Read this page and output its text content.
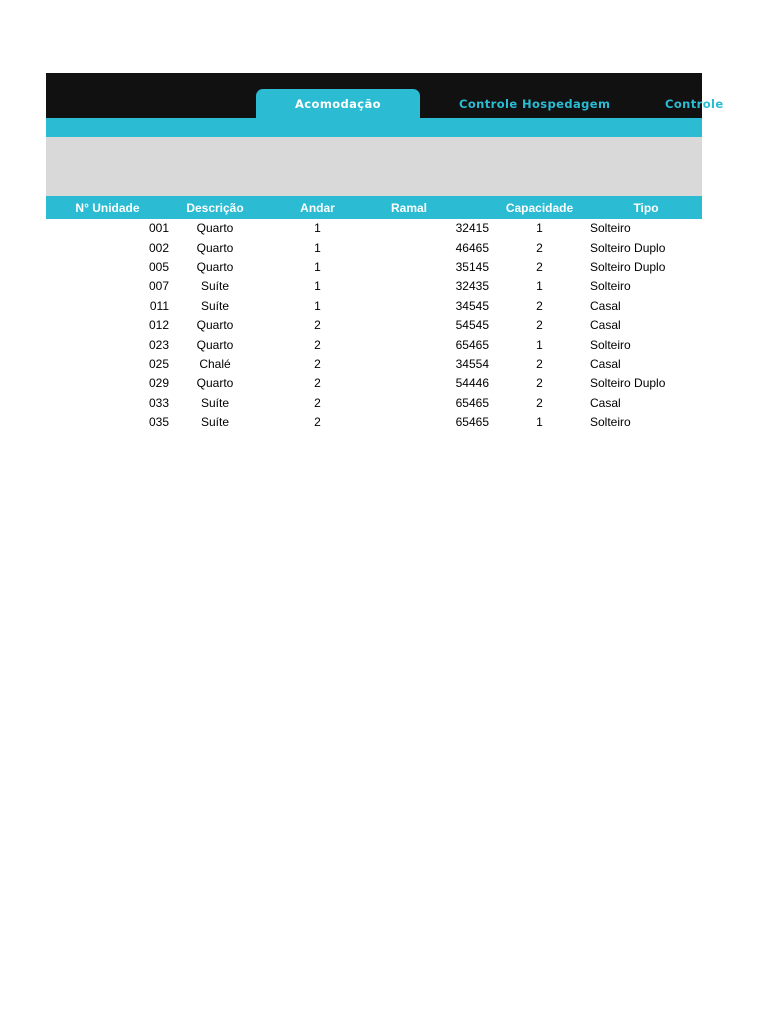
Acomodação	Controle Hospedagem	Controle
N° Unidade	Descrição	Andar	Ramal	Capacidade	Tipo
001	Quarto	1	32415	1	Solteiro
002	Quarto	1	46465	2	Solteiro Duplo
005	Quarto	1	35145	2	Solteiro Duplo
007	Suíte	1	32435	1	Solteiro
011	Suíte	1	34545	2	Casal
012	Quarto	2	54545	2	Casal
023	Quarto	2	65465	1	Solteiro
025	Chalé	2	34554	2	Casal
029	Quarto	2	54446	2	Solteiro Duplo
033	Suíte	2	65465	2	Casal
035	Suíte	2	65465	1	Solteiro
